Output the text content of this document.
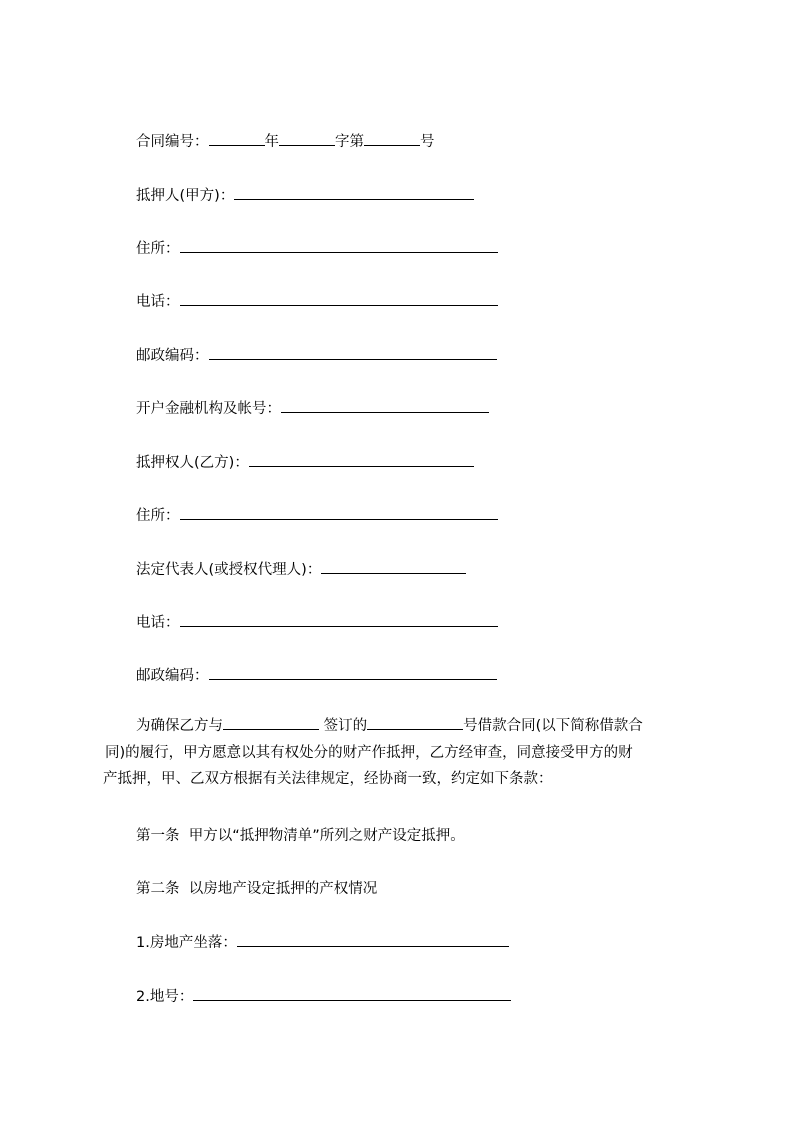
合同编号：	年	字第	号
抵押人(甲方)：
住所：
电话：
邮政编码：
开户金融机构及帐号：
抵押权人(乙方)：
住所：
法定代表人(或授权代理人)：
电话：
邮政编码：
为确保乙方与	签订的	号借款合同(以下简称借款合
同)的履行，甲方愿意以其有权处分的财产作抵押，乙方经审查，同意接受甲方的财
产抵押，甲、乙双方根据有关法律规定，经协商一致，约定如下条款：
第一条  甲方以“抵押物清单”所列之财产设定抵押。
第二条  以房地产设定抵押的产权情况
1.房地产坐落：
2.地号：
